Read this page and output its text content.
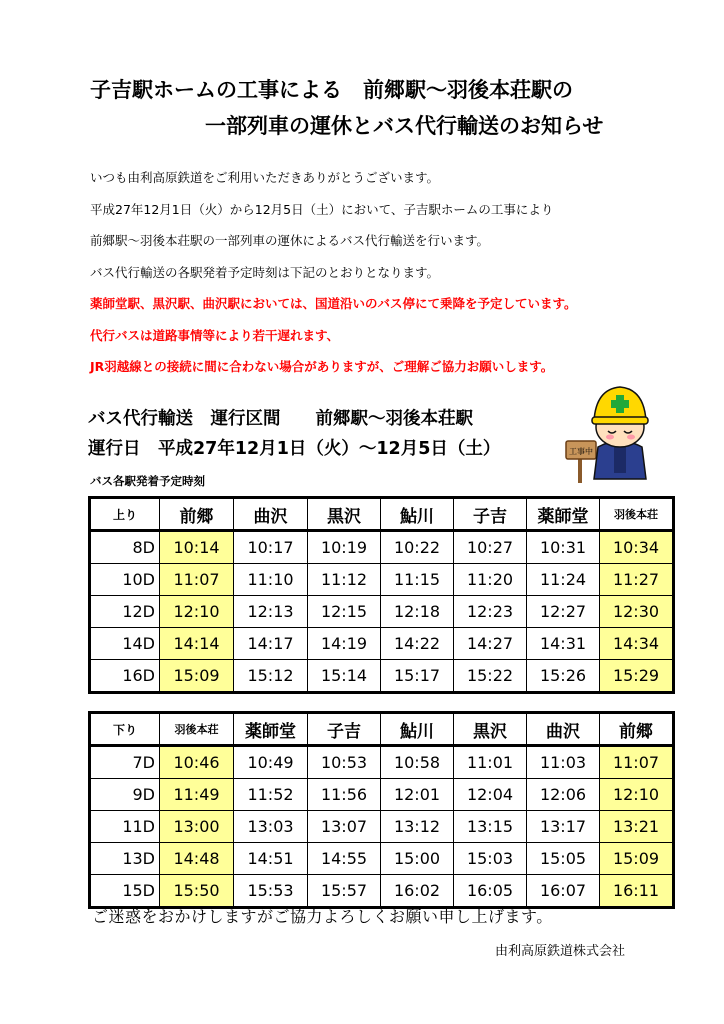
子吉駅ホームの工事による　前郷駅～羽後本荘駅の
一部列車の運休とバス代行輸送のお知らせ
いつも由利高原鉄道をご利用いただきありがとうございます。
平成27年12月1日（火）から12月5日（土）において、子吉駅ホームの工事により
前郷駅～羽後本荘駅の一部列車の運休によるバス代行輸送を行います。
バス代行輸送の各駅発着予定時刻は下記のとおりとなります。
薬師堂駅、黒沢駅、曲沢駅においては、国道沿いのバス停にて乗降を予定しています。
代行バスは道路事情等により若干遅れます、
JR羽越線との接続に間に合わない場合がありますが、ご理解ご協力お願いします。
バス代行輸送　運行区間　　前郷駅～羽後本荘駅
運行日　平成27年12月1日（火）～12月5日（土）	工事中
バス各駅発着予定時刻
上り	前郷	曲沢	黒沢	鮎川	子吉	薬師堂	羽後本荘
8D	10:14	10:17	10:19	10:22	10:27	10:31	10:34
10D	11:07	11:10	11:12	11:15	11:20	11:24	11:27
12D	12:10	12:13	12:15	12:18	12:23	12:27	12:30
14D	14:14	14:17	14:19	14:22	14:27	14:31	14:34
16D	15:09	15:12	15:14	15:17	15:22	15:26	15:29
下り	羽後本荘	薬師堂	子吉	鮎川	黒沢	曲沢	前郷
7D	10:46	10:49	10:53	10:58	11:01	11:03	11:07
9D	11:49	11:52	11:56	12:01	12:04	12:06	12:10
11D	13:00	13:03	13:07	13:12	13:15	13:17	13:21
13D	14:48	14:51	14:55	15:00	15:03	15:05	15:09
15D	15:50	15:53	15:57	16:02	16:05	16:07	16:11
ご迷惑をおかけしますがご協力よろしくお願い申し上げます。
由利高原鉄道株式会社
